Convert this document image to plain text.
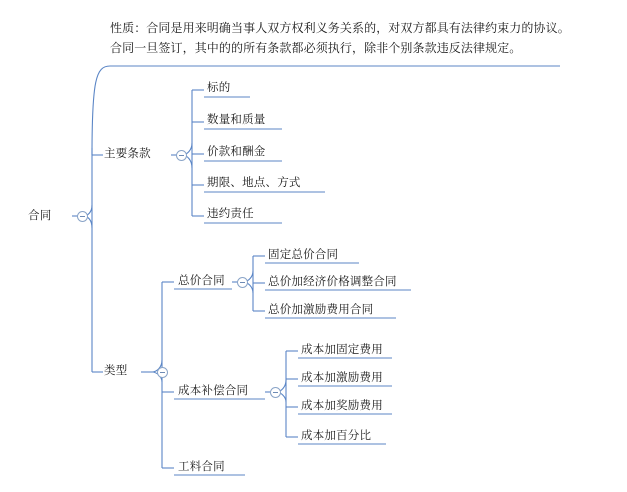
性质：合同是用来明确当事人双方权利义务关系的，对双方都具有法律约束力的协议。
合同一旦签订，其中的的所有条款都必须执行，除非个别条款违反法律规定。
合同
主要条款
类型
标的
数量和质量
价款和酬金
期限、地点、方式
违约责任
总价合同
成本补偿合同
工料合同
固定总价合同
总价加经济价格调整合同
总价加激励费用合同
成本加固定费用
成本加激励费用
成本加奖励费用
成本加百分比
